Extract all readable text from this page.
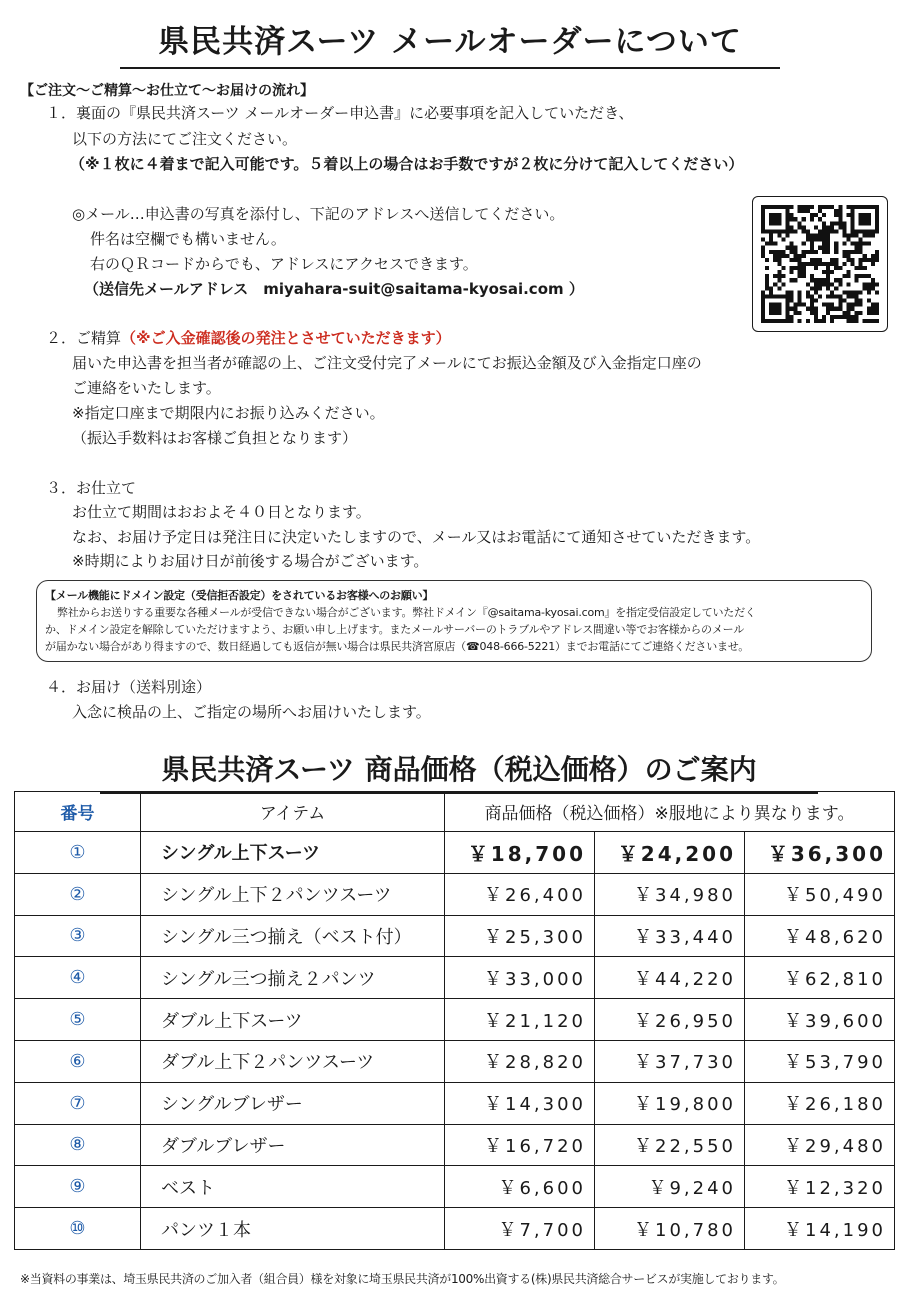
県民共済スーツ メールオーダーについて
【ご注文〜ご精算〜お仕立て〜お届けの流れ】
１．裏面の『県民共済スーツ メールオーダー申込書』に必要事項を記入していただき、
以下の方法にてご注文ください。
（※１枚に４着まで記入可能です。５着以上の場合はお手数ですが２枚に分けて記入してください）
◎メール…申込書の写真を添付し、下記のアドレスへ送信してください。
件名は空欄でも構いません。
右のＱＲコードからでも、アドレスにアクセスできます。
（送信先メールアドレス　miyahara-suit@saitama-kyosai.com ）
２．ご精算（※ご入金確認後の発注とさせていただきます）
届いた申込書を担当者が確認の上、ご注文受付完了メールにてお振込金額及び入金指定口座の
ご連絡をいたします。
※指定口座まで期限内にお振り込みください。
（振込手数料はお客様ご負担となります）
３．お仕立て
お仕立て期間はおおよそ４０日となります。
なお、お届け予定日は発注日に決定いたしますので、メール又はお電話にて通知させていただきます。
※時期によりお届け日が前後する場合がございます。
【メール機能にドメイン設定（受信拒否設定）をされているお客様へのお願い】
弊社からお送りする重要な各種メールが受信できない場合がございます。弊社ドメイン『@saitama-kyosai.com』を指定受信設定していただく
か、ドメイン設定を解除していただけますよう、お願い申し上げます。またメールサーバーのトラブルやアドレス間違い等でお客様からのメール
が届かない場合があり得ますので、数日経過しても返信が無い場合は県民共済宮原店（☎048-666-5221）までお電話にてご連絡くださいませ。
４．お届け（送料別途）
入念に検品の上、ご指定の場所へお届けいたします。
県民共済スーツ 商品価格（税込価格）のご案内
番号	アイテム	商品価格（税込価格）※服地により異なります。		
①	シングル上下スーツ	￥18,700	￥24,200	￥36,300
②	シングル上下２パンツスーツ	￥26,400	￥34,980	￥50,490
③	シングル三つ揃え（ベスト付）	￥25,300	￥33,440	￥48,620
④	シングル三つ揃え２パンツ	￥33,000	￥44,220	￥62,810
⑤	ダブル上下スーツ	￥21,120	￥26,950	￥39,600
⑥	ダブル上下２パンツスーツ	￥28,820	￥37,730	￥53,790
⑦	シングルブレザー	￥14,300	￥19,800	￥26,180
⑧	ダブルブレザー	￥16,720	￥22,550	￥29,480
⑨	ベスト	￥6,600	￥9,240	￥12,320
⑩	パンツ１本	￥7,700	￥10,780	￥14,190
※当資料の事業は、埼玉県民共済のご加入者（組合員）様を対象に埼玉県民共済が100%出資する(株)県民共済総合サービスが実施しております。
